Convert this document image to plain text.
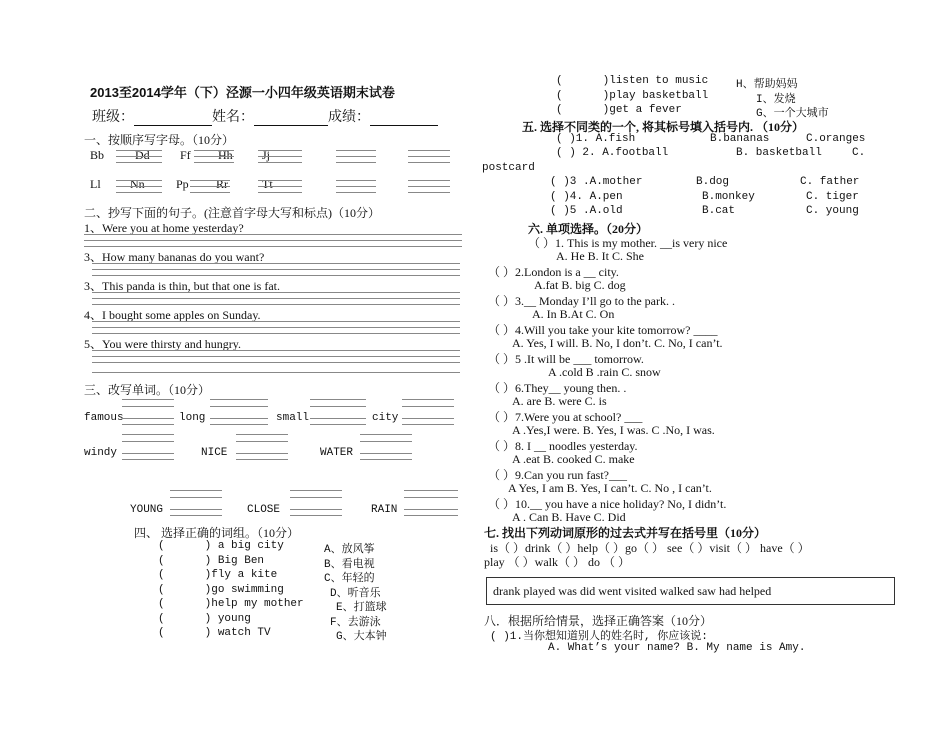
2013至2014学年（下）泾源一小四年级英语期末试卷
班级：	姓名：	成绩：
一、按顺序写字母。（10分）
Bb	Dd	Ff Hh Jj
Ll Nn	Pp Rr	Tt
二、抄写下面的句子。(注意首字母大写和标点)（10分）
1、Were you at home yesterday?
3、How many bananas do you want?
3、This panda is thin, but that one is fat.
4、I bought some apples on Sunday.
5、You were thirsty and hungry.
三、改写单词。（10分）
famous	long	small	city
windy	NICE	WATER
YOUNG	CLOSE	RAIN
四、 选择正确的词组。（10分）
(	) a big city	A、放风筝
(	) Big Ben	B、看电视
(	)fly a kite	C、年轻的
(	)go swimming	D、听音乐
(	)help my mother	E、打篮球
(	) young	F、去游泳
(	) watch TV	G、大本钟
(	)listen to music	H、帮助妈妈
(	)play basketball	I、发烧
(	)get a fever	G、一个大城市
五. 选择不同类的一个, 将其标号填入括号内. （10分）
( )1. A.fish	B.bananas	C.oranges
( ) 2. A.football	B. basketball	C.
postcard
( )3 .A.mother	B.dog	C. father
( )4. A.pen	B.monkey	C. tiger
( )5 .A.old	B.cat	C. young
六. 单项选择。（20分）
（ ）1. This is my mother. __is very nice
A. He B. It C. She
（ ）2.London is a __ city.
A.fat B. big C. dog
（ ）3.__ Monday I’ll go to the park. .
A. In B.At C. On
（ ）4.Will you take your kite tomorrow? ____
A. Yes, I will. B. No, I don’t. C. No, I can’t.
（ ）5 .It will be ___ tomorrow.
A .cold B .rain C. snow
（ ）6.They__ young then. .
A. are B. were C. is
（ ）7.Were you at school? ___
A .Yes,I were. B. Yes, I was. C .No, I was.
（ ）8. I __ noodles yesterday.
A .eat B. cooked C. make
（ ）9.Can you run fast?___
A Yes, I am B. Yes, I can’t. C. No , I can’t.
（ ）10.__ you have a nice holiday? No, I didn’t.
A . Can B. Have C. Did
七. 找出下列动词原形的过去式并写在括号里（10分）
is（ ）drink（ ）help（ ）go（ ） see（ ）visit（ ） have（ ）
play （ ）walk（ ） do （ ）
drank played was did went visited walked saw had helped
八．根据所给情景，选择正确答案（10分）
( )1.当你想知道别人的姓名时, 你应该说:
A. What’s your name? B. My name is Amy.
